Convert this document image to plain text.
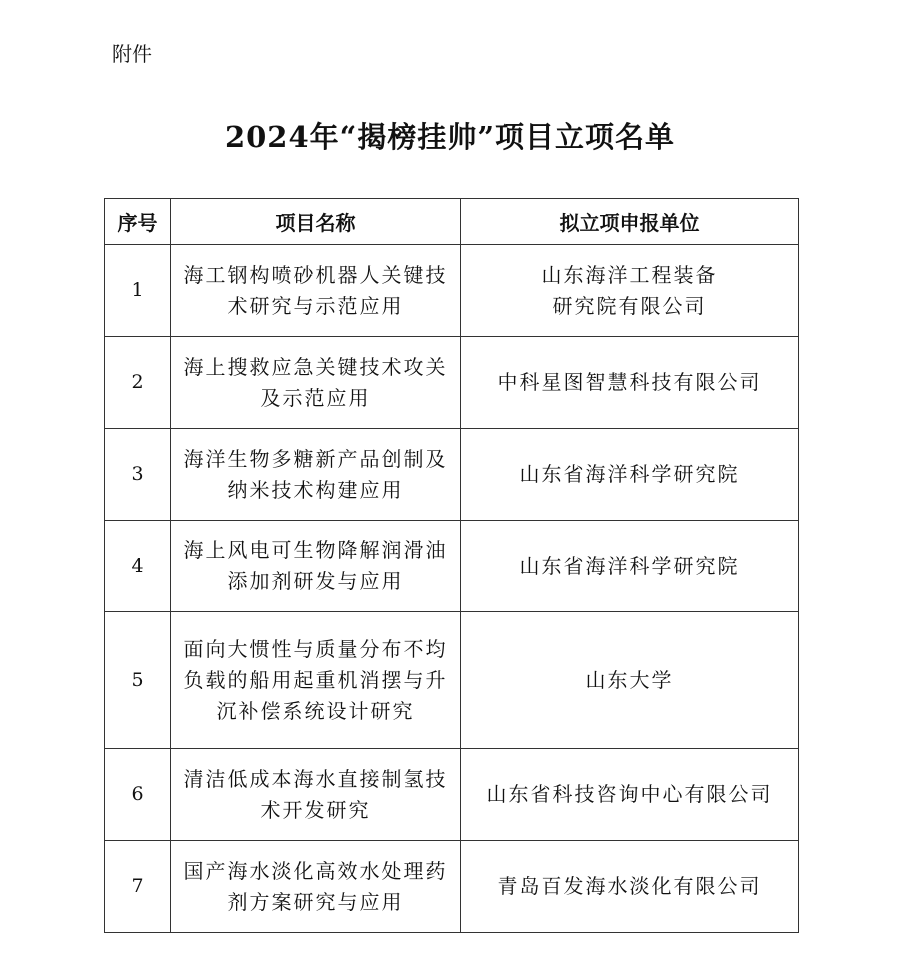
附件
2024年“揭榜挂帅”项目立项名单
序号	项目名称	拟立项申报单位
1	海工钢构喷砂机器人关键技术研究与示范应用	山东海洋工程装备研究院有限公司

2	海上搜救应急关键技术攻关及示范应用	中科星图智慧科技有限公司

3	海洋生物多糖新产品创制及纳米技术构建应用	山东省海洋科学研究院

4	海上风电可生物降解润滑油添加剂研发与应用	山东省海洋科学研究院

5	面向大惯性与质量分布不均负载的船用起重机消摆与升沉补偿系统设计研究	山东大学

6	清洁低成本海水直接制氢技术开发研究	山东省科技咨询中心有限公司

7	国产海水淡化高效水处理药剂方案研究与应用	青岛百发海水淡化有限公司
